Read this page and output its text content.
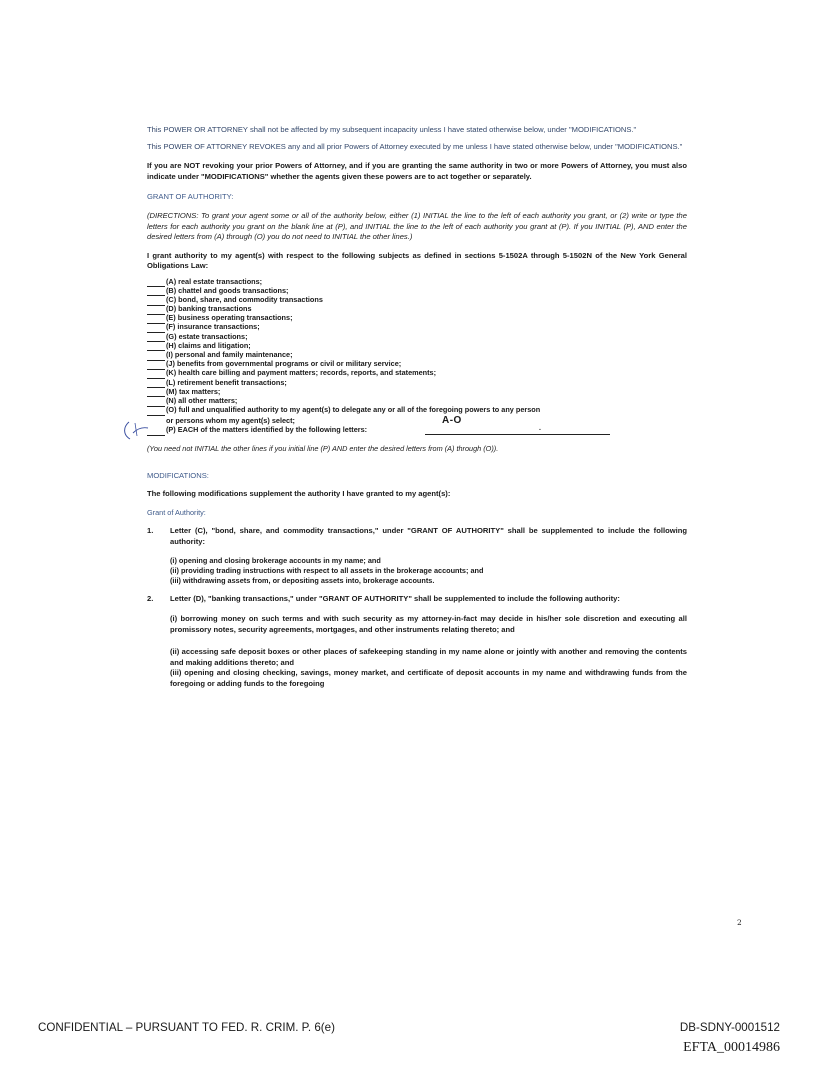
This POWER OR ATTORNEY shall not be affected by my subsequent incapacity unless I have stated otherwise below, under "MODIFICATIONS."

This POWER OF ATTORNEY REVOKES any and all prior Powers of Attorney executed by me unless I have stated otherwise below, under "MODIFICATIONS."

If you are NOT revoking your prior Powers of Attorney, and if you are granting the same authority in two or more Powers of Attorney, you must also indicate under "MODIFICATIONS" whether the agents given these powers are to act together or separately.

GRANT OF AUTHORITY:

(DIRECTIONS: To grant your agent some or all of the authority below, either (1) INITIAL the line to the left of each authority you grant, or (2) write or type the letters for each authority you grant on the blank line at (P), and INITIAL the line to the left of each authority you grant at (P). If you INITIAL (P), AND enter the desired letters from (A) through (O) you do not need to INITIAL the other lines.)

I grant authority to my agent(s) with respect to the following subjects as defined in sections 5-1502A through 5-1502N of the New York General Obligations Law:

(A) real estate transactions;
(B) chattel and goods transactions;
(C) bond, share, and commodity transactions
(D) banking transactions
(E) business operating transactions;
(F) insurance transactions;
(G) estate transactions;
(H) claims and litigation;
(I) personal and family maintenance;
(J) benefits from governmental programs or civil or military service;
(K) health care billing and payment matters; records, reports, and statements;
(L) retirement benefit transactions;
(M) tax matters;
(N) all other matters;
(O) full and unqualified authority to my agent(s) to delegate any or all of the foregoing powers to any person
or persons whom my agent(s) select;
(P) EACH of the matters identified by the following letters:	.
A-O

(You need not INITIAL the other lines if you initial line (P) AND enter the desired letters from (A) through (O)).

MODIFICATIONS:

The following modifications supplement the authority I have granted to my agent(s):

Grant of Authority:
1.	Letter (C), "bond, share, and commodity transactions," under "GRANT OF AUTHORITY" shall be supplemented to include the following authority:
(i) opening and closing brokerage accounts in my name; and
(ii) providing trading instructions with respect to all assets in the brokerage accounts; and
(iii) withdrawing assets from, or depositing assets into, brokerage accounts.
2.	Letter (D), "banking transactions," under "GRANT OF AUTHORITY" shall be supplemented to include the following authority:
(i) borrowing money on such terms and with such security as my attorney-in-fact may decide in his/her sole discretion and executing all promissory notes, security agreements, mortgages, and other instruments relating thereto; and
(ii) accessing safe deposit boxes or other places of safekeeping standing in my name alone or jointly with another and removing the contents and making additions thereto; and
(iii) opening and closing checking, savings, money market, and certificate of deposit accounts in my name and withdrawing funds from the foregoing or adding funds to the foregoing
2
CONFIDENTIAL – PURSUANT TO FED. R. CRIM. P. 6(e)	DB-SDNY-0001512
EFTA_00014986
